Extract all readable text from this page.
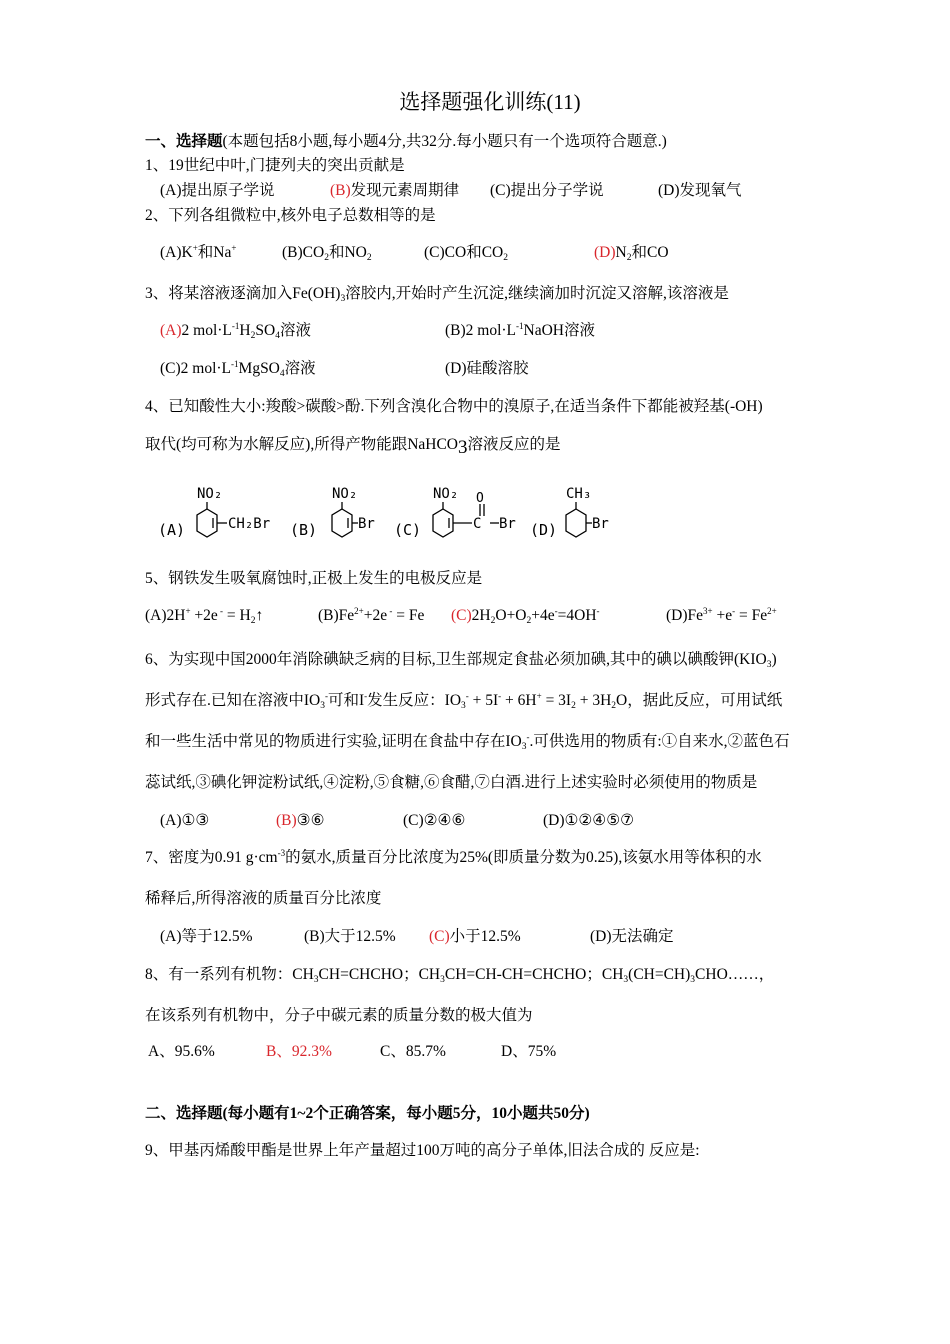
选择题强化训练(11)
一、选择题(本题包括8小题,每小题4分,共32分.每小题只有一个选项符合题意.)
1、19世纪中叶,门捷列夫的突出贡献是
(A)提出原子学说	(B)发现元素周期律 (C)提出分子学说	(D)发现氧气
2、下列各组微粒中,核外电子总数相等的是
(A)K+和Na+	$(B)CO_2$和$NO_2$	(C)CO和$CO_2$	$(D)N_2$和CO
3、将某溶液逐滴加入$Fe(OH)_3$溶胶内,开始时产生沉淀,继续滴加时沉淀又溶解,该溶液是
(A)2 $mol\cdot L^{-1}H_2SO_4$溶液	(B)2 $mol\cdot L^{-1}NaOH$溶液
(C)2 $mol\cdot L^{-1}MgSO_4$溶液	(D)硅酸溶胶
4、已知酸性大小:羧酸>碳酸>酚.下列含溴化合物中的溴原子,在适当条件下都能被羟基(-OH)
取代(均可称为水解反应),所得产物能跟NaHCO$_3$溶液反应的是
(A)
NO₂
CH₂Br (B)
NO₂
Br (C)
NO₂ O
C Br (D)
CH₃
Br
5、钢铁发生吸氧腐蚀时,正极上发生的电极反应是
(A)2H+ +2e $^- = H_2↑$	$(B)Fe^{2+}+2e$ - = Fe $(C)2H_2O+O_2+4e^-=4OH^-$	$(D)Fe^{3+} +e^- = Fe^{2+}$
6、为实现中国2000年消除碘缺乏病的目标,卫生部规定食盐必须加碘,其中的碘以碘酸钾$(KIO_3)$
形式存在.已知在溶液中$IO_3^-$可和I-发生反应：$IO_3^- + 5I^- + 6H^+ = 3I_2 + 3H_2O$，据此反应，可用试纸
和一些生活中常见的物质进行实验,证明在食盐中存在$IO_3^-$.可供选用的物质有:①自来水,②蓝色石
蕊试纸,③碘化钾淀粉试纸,④淀粉,⑤食糖,⑥食醋,⑦白酒.进行上述实验时必须使用的物质是
(A)①③	(B)③⑥	(C)②④⑥	(D)①②④⑤⑦
7、密度为0.91 $g\cdot cm^{-3}$的氨水,质量百分比浓度为25%(即质量分数为0.25),该氨水用等体积的水
稀释后,所得溶液的质量百分比浓度
(A)等于12.5%	(B)大于12.5% (C)小于12.5%	(D)无法确定
8、有一系列有机物：$CH_3CH=CHCHO$；$CH_3CH=CH-CH=CHCHO$；$CH_3(CH=CH)_3CHO\dots\dots$，
在该系列有机物中，分子中碳元素的质量分数的极大值为
A、95.6%	B、92.3%	C、85.7%	D、75%
二、选择题(每小题有1~2个正确答案，每小题5分，10小题共50分)
9、甲基丙烯酸甲酯是世界上年产量超过100万吨的高分子单体,旧法合成的 反应是:
